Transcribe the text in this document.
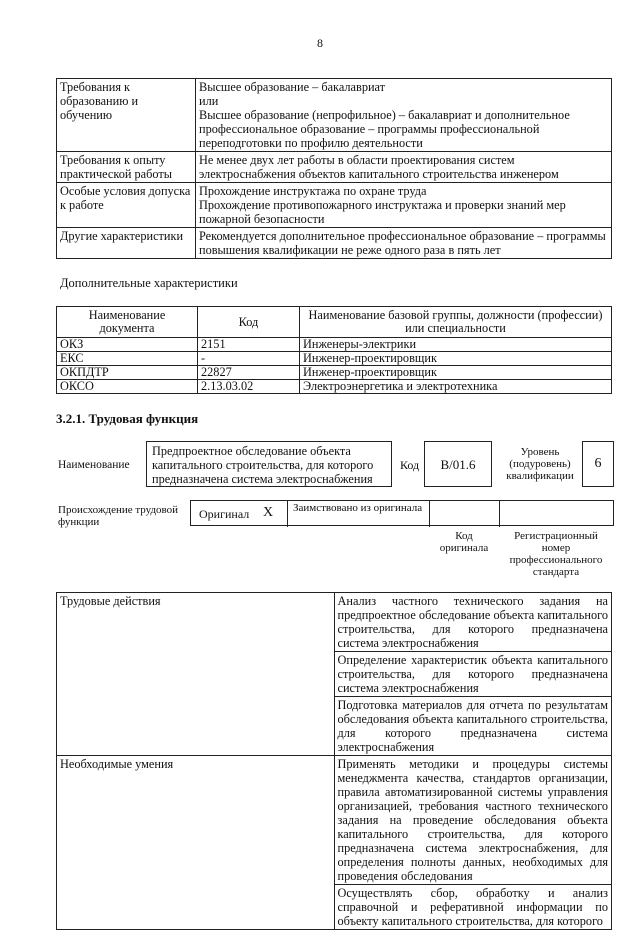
8
Требования к образованию и обучению	Высшее образование – бакалавриат
или
Высшее образование (непрофильное) – бакалавриат и дополнительное профессиональное образование – программы профессиональной переподготовки по профилю деятельности

Требования к опыту практической работы	Не менее двух лет работы в области проектирования систем электроснабжения объектов капитального строительства инженером

Особые условия допуска к работе	Прохождение инструктажа по охране труда
Прохождение противопожарного инструктажа и проверки знаний мер пожарной безопасности

Другие характеристики	Рекомендуется дополнительное профессиональное образование – программы повышения квалификации не реже одного раза в пять лет
Дополнительные характеристики
Наименование документа	Код	Наименование базовой группы, должности (профессии) или специальности
ОКЗ	2151	Инженеры-электрики
ЕКС	-	Инженер-проектировщик
ОКПДТР	22827	Инженер-проектировщик
ОКСО	2.13.03.02	Электроэнергетика и электротехника
3.2.1. Трудовая функция
Наименование
Предпроектное обследование объекта капитального строительства, для которого предназначена система электроснабжения
Код	B/01.6
Уровень (подуровень) квалификации
6
Происхождение трудовой функции
Оригинал X Заимствовано из оригинала
Код оригинала
Регистрационный номер профессионального стандарта
Трудовые действия	Анализ частного технического задания на предпроектное обследование объекта капитального строительства, для которого предназначена система электроснабжения
	Определение характеристик объекта капитального строительства, для которого предназначена система электроснабжения
	Подготовка материалов для отчета по результатам обследования объекта капитального строительства, для которого предназначена система электроснабжения
Необходимые умения	Применять методики и процедуры системы менеджмента качества, стандартов организации, правила автоматизированной системы управления организацией, требования частного технического задания на проведение обследования объекта капитального строительства, для которого предназначена система электроснабжения, для определения полноты данных, необходимых для проведения обследования
	Осуществлять сбор, обработку и анализ справочной и реферативной информации по объекту капитального строительства, для которого
